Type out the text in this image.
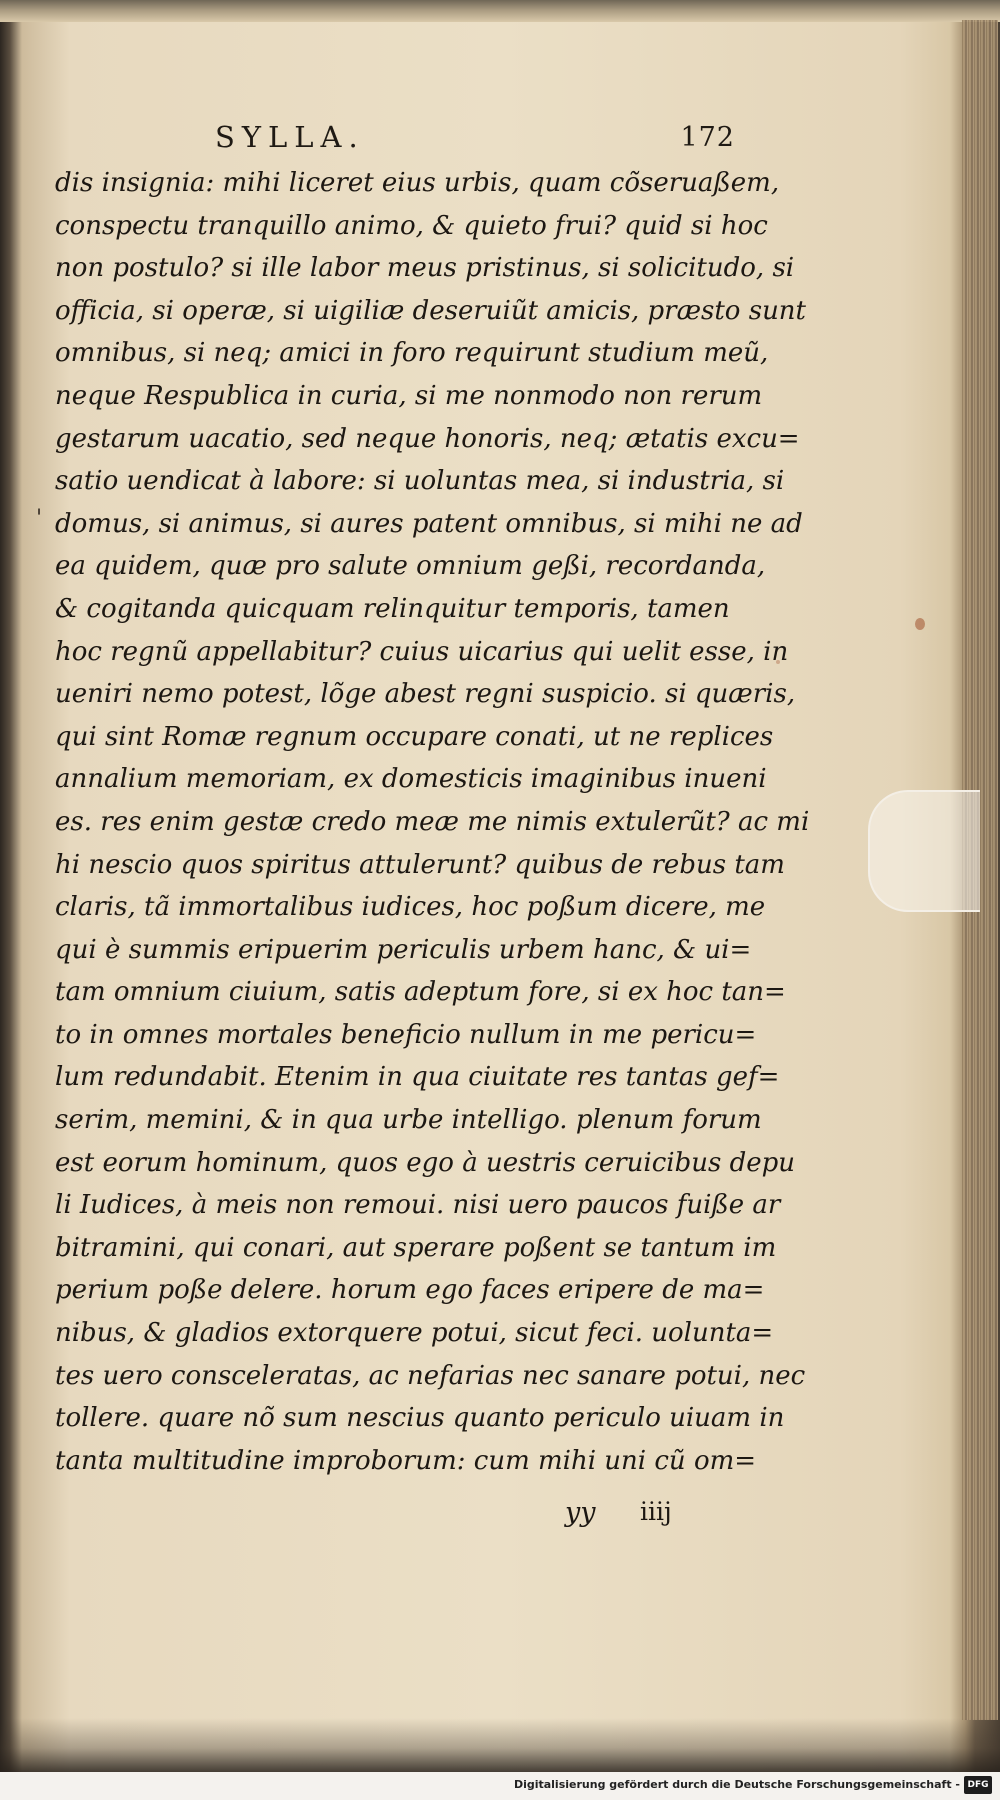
SYLLA.	172
'
dis insignia: mihi liceret eius urbis, quam cõseruaßem,
conspectu tranquillo animo, & quieto frui? quid si hoc
non postulo? si ille labor meus pristinus, si solicitudo, si
officia, si operæ, si uigiliæ deseruiũt amicis, præsto sunt
omnibus, si neq; amici in foro requirunt studium meũ,
neque Respublica in curia, si me nonmodo non rerum
gestarum uacatio, sed neque honoris, neq; ætatis excu=
satio uendicat à labore: si uoluntas mea, si industria, si
domus, si animus, si aures patent omnibus, si mihi ne ad
ea quidem, quæ pro salute omnium geßi, recordanda,
& cogitanda quicquam relinquitur temporis, tamen
hoc regnũ appellabitur? cuius uicarius qui uelit esse, in
ueniri nemo potest, lõge abest regni suspicio. si quæris,
qui sint Romæ regnum occupare conati, ut ne replices
annalium memoriam, ex domesticis imaginibus inueni
es. res enim gestæ credo meæ me nimis extulerũt? ac mi
hi nescio quos spiritus attulerunt? quibus de rebus tam
claris, tã immortalibus iudices, hoc poßum dicere, me
qui è summis eripuerim periculis urbem hanc, & ui=
tam omnium ciuium, satis adeptum fore, si ex hoc tan=
to in omnes mortales beneficio nullum in me pericu=
lum redundabit. Etenim in qua ciuitate res tantas gef=
serim, memini, & in qua urbe intelligo. plenum forum
est eorum hominum, quos ego à uestris ceruicibus depu
li Iudices, à meis non remoui. nisi uero paucos fuiße ar
bitramini, qui conari, aut sperare poßent se tantum im
perium poße delere. horum ego faces eripere de ma=
nibus, & gladios extorquere potui, sicut feci. uolunta=
tes uero consceleratas, ac nefarias nec sanare potui, nec
tollere. quare nõ sum nescius quanto periculo uiuam in
tanta multitudine improborum: cum mihi uni cũ om=
yy iiij
Digitalisierung gefördert durch die Deutsche Forschungsgemeinschaft - DFG
